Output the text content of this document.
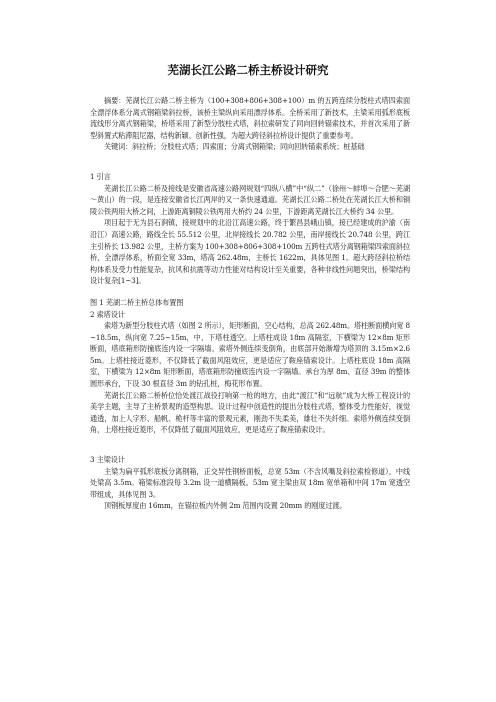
芜湖长江公路二桥主桥设计研究

摘要：芜湖长江公路二桥主桥为（100+308+806+308+100）m 的五跨连续分肢柱式塔四索面全漂浮体系分离式钢箱梁斜拉桥，该桥主梁纵向采用漂浮体系。全桥采用了新技术，主梁采用弧形底板流线形分离式钢箱梁，桥塔采用了新型分肢柱式塔，斜拉索研发了同向回转锚索技术，并首次采用了新型斜置式粘滞阻尼器，结构新颖、创新性强，为超大跨径斜拉桥设计提供了重要参考。

关键词：斜拉桥；分肢柱式塔；四索面；分离式钢箱梁；同向回转锚索系统；桩基础

1 引言

芜湖长江公路二桥及接线是安徽省高速公路网规划“四纵八横”中“纵二”（徐州～蚌埠～合肥～芜湖～黄山）的一段，是连接安徽省长江两岸的又一条快速通道。芜湖长江公路二桥处在芜湖长江大桥和铜陵公铁两用大桥之间，上游距离铜陵公铁两用大桥约 24 公里，下游距离芜湖长江大桥约 34 公里。

项目起于无为县石涧镇，接规划中的北沿江高速公路，终于繁昌县峨山镇，接已经建成的沪渝（南沿江）高速公路，路线全长 55.512 公里，北岸接线长 20.782 公里，南岸接线长 20.748 公里，跨江主引桥长 13.982 公里，主桥方案为 100+308+806+308+100m 五跨柱式塔分离钢箱梁四索面斜拉桥，全漂浮体系，桥面全宽 33m，塔高 262.48m，主桥长 1622m，具体见图 1。超大跨径斜拉桥结构体系及受力性能复杂，抗风和抗震等动力性能对结构设计至关重要，各种非线性问题突出，桥梁结构设计复杂[1~3]。

图 1 芜湖二桥主桥总体布置图

2 索塔设计

索塔为新型分肢柱式塔（如图 2 所示），矩形断面，空心结构，总高 262.48m。塔柱断面横向宽 8~18.5m，纵向宽 7.25~15m，中、下塔柱透空。上塔柱成设 18m 高隔室，下横梁为 12×8m 矩形断面，塔底箱形防撞底连内设一字隔墙。索塔外侧连续变倒角，由底部开始渐增为塔顶的 3.15m×2.65m。上塔柱接近菱形，不仅降低了截面风阻效应，更是适应了鞍座锚索设计。上塔柱底设 18m 高隔室，下横梁为 12×8m 矩形断面，塔底箱形防撞底连内设一字隔墙。承台为厚 8m、直径 39m 的整体圆形承台，下设 30 根直径 3m 的钻孔桩，梅花形布置。

芜湖长江公路二桥桥位恰处渡江战役打响第一枪的地方，由此“渡江”和“远航”成为大桥工程设计的美学主题，主导了主桥景观的造型构思。设计过程中创造性的提出分肢柱式塔，整体受力性能好，视觉通透，加上人字形、船帆、桅杆等丰富的景观元素，刚劲不失柔美，雄壮不失纤细。索塔外侧连续变倒角，上塔柱接近菱形，不仅降低了截面风阻效应，更是适应了鞍座锚索设计。

3 主梁设计

主梁为扁平弧形底板分离钢箱，正交异性钢桥面板，总宽 53m（不含风嘴及斜拉索检修道），中线处梁高 3.5m。箱梁标准段每 3.2m 设一道横隔板。53m 宽主梁由双 18m 宽单箱和中间 17m 宽透空带组成，具体见图 3。

顶钢板厚度由 16mm，在锚拉板内外侧 2m 范围内设置 20mm 的刚度过渡。
